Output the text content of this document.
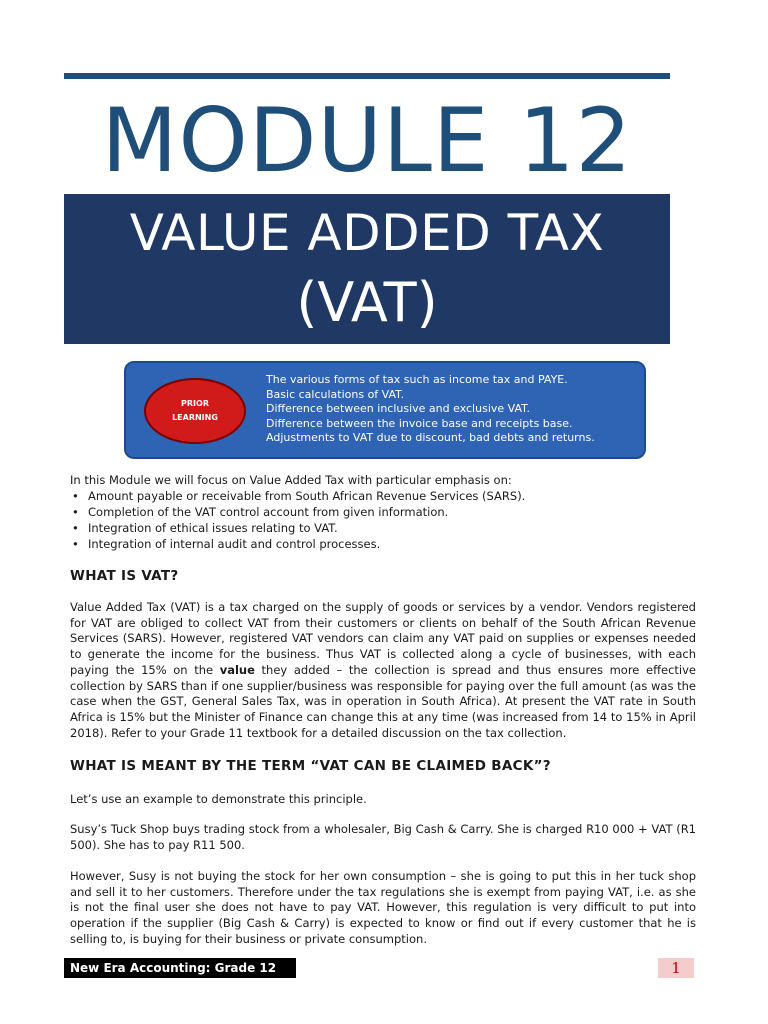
MODULE 12
VALUE ADDED TAX
(VAT)
PRIOR
LEARNING
The various forms of tax such as income tax and PAYE.
Basic calculations of VAT.
Difference between inclusive and exclusive VAT.
Difference between the invoice base and receipts base.
Adjustments to VAT due to discount, bad debts and returns.
In this Module we will focus on Value Added Tax with particular emphasis on:
• Amount payable or receivable from South African Revenue Services (SARS).
• Completion of the VAT control account from given information.
• Integration of ethical issues relating to VAT.
• Integration of internal audit and control processes.
WHAT IS VAT?
Value Added Tax (VAT) is a tax charged on the supply of goods or services by a vendor. Vendors registered for VAT are obliged to collect VAT from their customers or clients on behalf of the South African Revenue Services (SARS). However, registered VAT vendors can claim any VAT paid on supplies or expenses needed to generate the income for the business. Thus VAT is collected along a cycle of businesses, with each paying the 15% on the value they added – the collection is spread and thus ensures more effective collection by SARS than if one supplier/business was responsible for paying over the full amount (as was the case when the GST, General Sales Tax, was in operation in South Africa). At present the VAT rate in South Africa is 15% but the Minister of Finance can change this at any time (was increased from 14 to 15% in April 2018). Refer to your Grade 11 textbook for a detailed discussion on the tax collection.
WHAT IS MEANT BY THE TERM “VAT CAN BE CLAIMED BACK”?
Let’s use an example to demonstrate this principle.
Susy’s Tuck Shop buys trading stock from a wholesaler, Big Cash & Carry. She is charged R10 000 + VAT (R1 500). She has to pay R11 500.
However, Susy is not buying the stock for her own consumption – she is going to put this in her tuck shop and sell it to her customers. Therefore under the tax regulations she is exempt from paying VAT, i.e. as she is not the final user she does not have to pay VAT. However, this regulation is very difficult to put into operation if the supplier (Big Cash & Carry) is expected to know or find out if every customer that he is selling to, is buying for their business or private consumption.
New Era Accounting: Grade 12	1
